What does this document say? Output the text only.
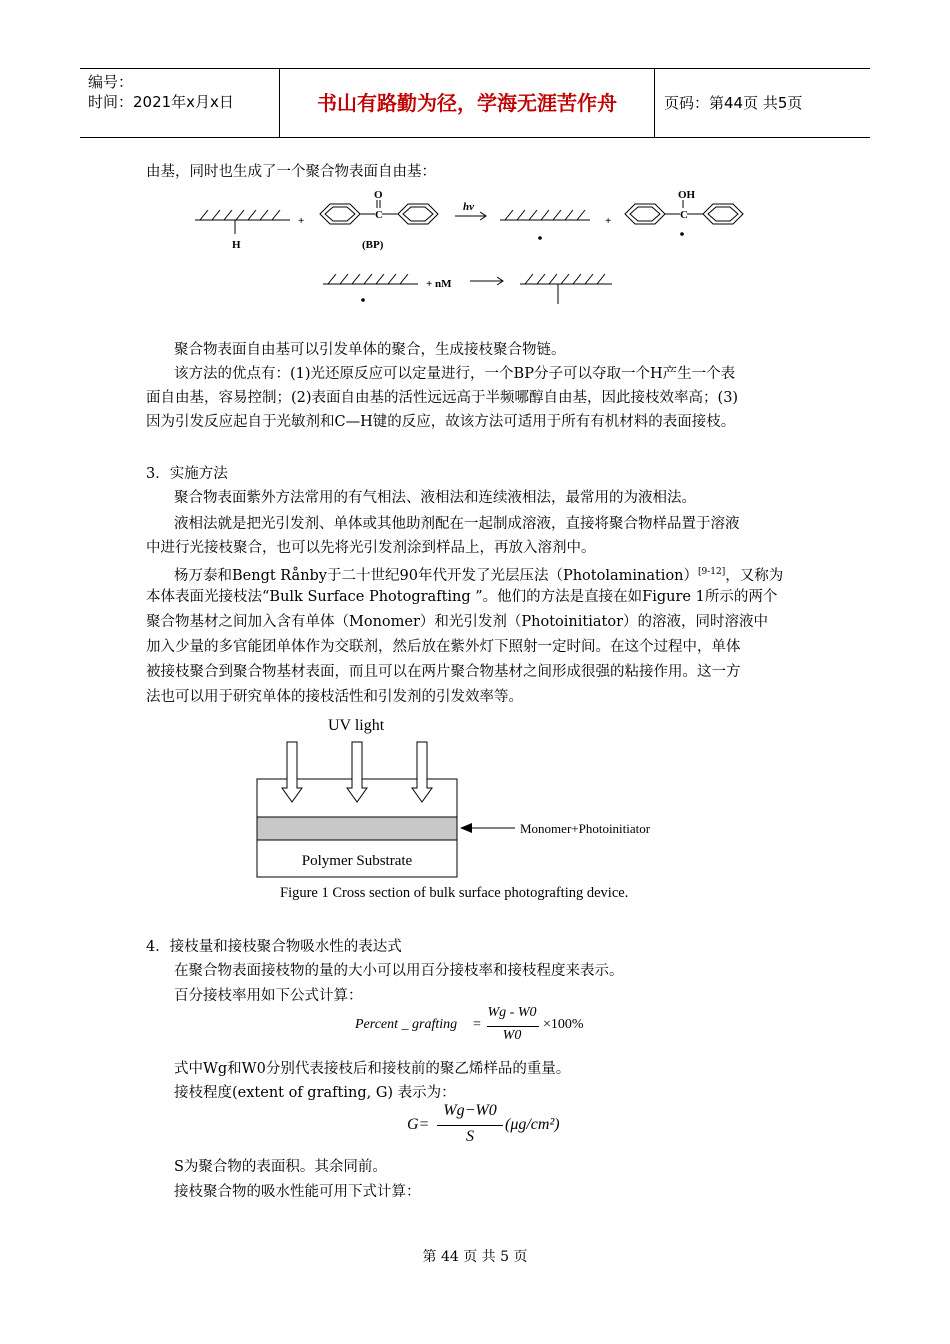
编号：
时间：2021年x月x日	书山有路勤为径，学海无涯苦作舟	页码：第44页 共5页
由基，同时也生成了一个聚合物表面自由基：
H
+
O
C
(BP)
hv
+
OH
C
+ nM
聚合物表面自由基可以引发单体的聚合，生成接枝聚合物链。
该方法的优点有：(1)光还原反应可以定量进行，一个BP分子可以夺取一个H产生一个表
面自由基，容易控制；(2)表面自由基的活性远远高于半频哪醇自由基，因此接枝效率高；(3)
因为引发反应起自于光敏剂和C—H键的反应，故该方法可适用于所有有机材料的表面接枝。
3．实施方法
聚合物表面紫外方法常用的有气相法、液相法和连续液相法，最常用的为液相法。
液相法就是把光引发剂、单体或其他助剂配在一起制成溶液，直接将聚合物样品置于溶液
中进行光接枝聚合，也可以先将光引发剂涂到样品上，再放入溶剂中。
杨万泰和Bengt Rånby于二十世纪90年代开发了光层压法（Photolamination）[9-12]，又称为
本体表面光接枝法“Bulk Surface Photografting ”。他们的方法是直接在如Figure 1所示的两个
聚合物基材之间加入含有单体（Monomer）和光引发剂（Photoinitiator）的溶液，同时溶液中
加入少量的多官能团单体作为交联剂，然后放在紫外灯下照射一定时间。在这个过程中，单体
被接枝聚合到聚合物基材表面，而且可以在两片聚合物基材之间形成很强的粘接作用。这一方
法也可以用于研究单体的接枝活性和引发剂的引发效率等。
UV light
Monomer+Photoinitiator
Polymer Substrate
Figure 1 Cross section of bulk surface photografting device.
4．接枝量和接枝聚合物吸水性的表达式
在聚合物表面接枝物的量的大小可以用百分接枝率和接枝程度来表示。
百分接枝率用如下公式计算：
Percent _ grafting =
Wg - W0
W0
×100%
式中Wg和W0分别代表接枝后和接枝前的聚乙烯样品的重量。
接枝程度(extent of grafting, G) 表示为：
G=
Wg−W0
S
(μg/cm²)
S为聚合物的表面积。其余同前。
接枝聚合物的吸水性能可用下式计算：
第 44 页 共 5 页
